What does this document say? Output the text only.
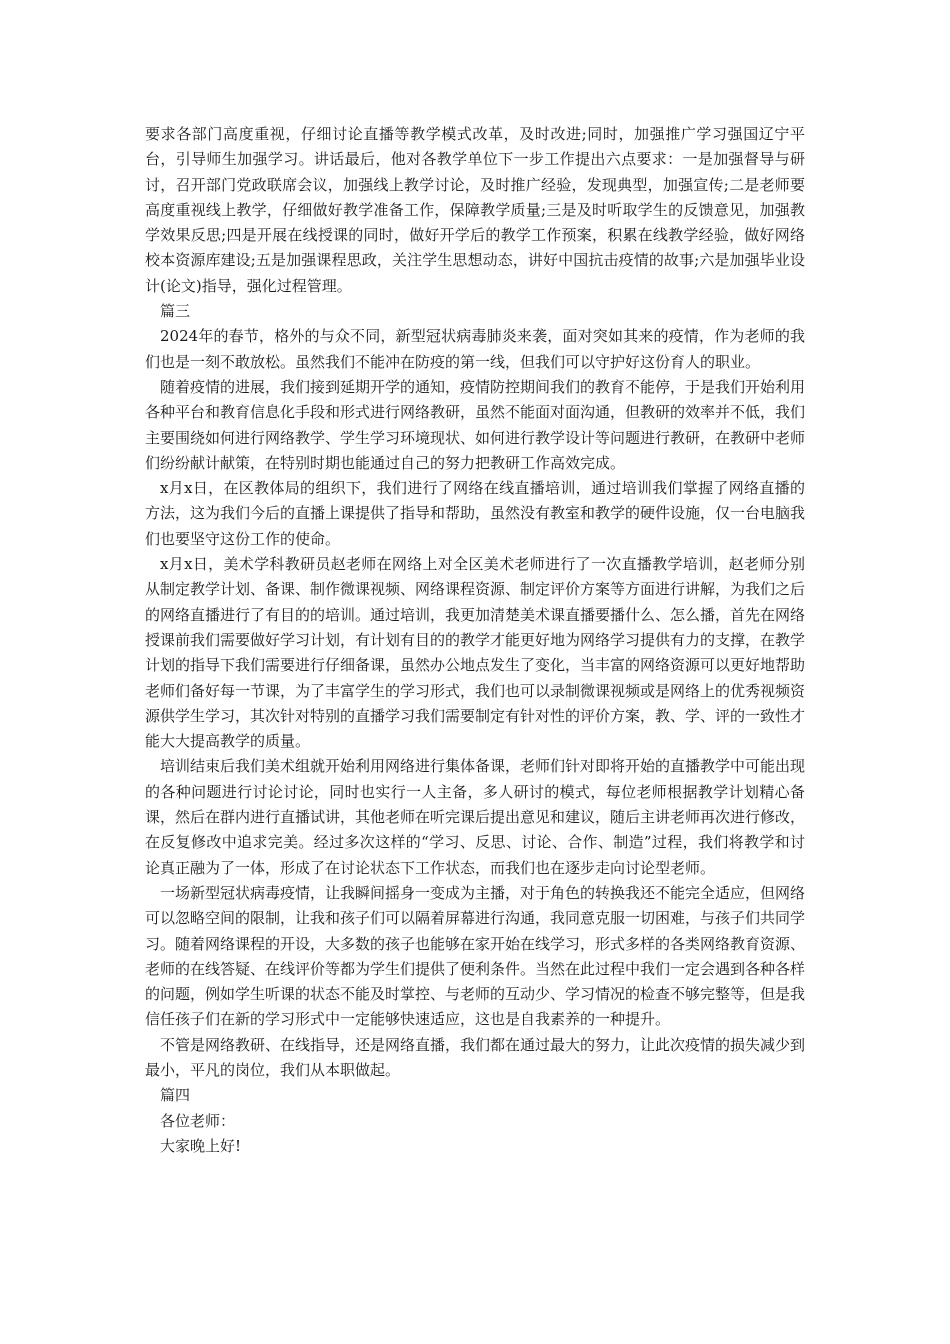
要求各部门高度重视，仔细讨论直播等教学模式改革，及时改进;同时，加强推广学习强国辽宁平台，引导师生加强学习。讲话最后，他对各教学单位下一步工作提出六点要求：一是加强督导与研讨，召开部门党政联席会议，加强线上教学讨论，及时推广经验，发现典型，加强宣传;二是老师要高度重视线上教学，仔细做好教学准备工作，保障教学质量;三是及时听取学生的反馈意见，加强教学效果反思;四是开展在线授课的同时，做好开学后的教学工作预案，积累在线教学经验，做好网络校本资源库建设;五是加强课程思政，关注学生思想动态，讲好中国抗击疫情的故事;六是加强毕业设计(论文)指导，强化过程管理。

篇三

2024年的春节，格外的与众不同，新型冠状病毒肺炎来袭，面对突如其来的疫情，作为老师的我们也是一刻不敢放松。虽然我们不能冲在防疫的第一线，但我们可以守护好这份育人的职业。

随着疫情的进展，我们接到延期开学的通知，疫情防控期间我们的教育不能停，于是我们开始利用各种平台和教育信息化手段和形式进行网络教研，虽然不能面对面沟通，但教研的效率并不低，我们主要围绕如何进行网络教学、学生学习环境现状、如何进行教学设计等问题进行教研，在教研中老师们纷纷献计献策，在特别时期也能通过自己的努力把教研工作高效完成。

x月x日，在区教体局的组织下，我们进行了网络在线直播培训，通过培训我们掌握了网络直播的方法，这为我们今后的直播上课提供了指导和帮助，虽然没有教室和教学的硬件设施，仅一台电脑我们也要坚守这份工作的使命。

x月x日，美术学科教研员赵老师在网络上对全区美术老师进行了一次直播教学培训，赵老师分别从制定教学计划、备课、制作微课视频、网络课程资源、制定评价方案等方面进行讲解，为我们之后的网络直播进行了有目的的培训。通过培训，我更加清楚美术课直播要播什么、怎么播，首先在网络授课前我们需要做好学习计划，有计划有目的的教学才能更好地为网络学习提供有力的支撑，在教学计划的指导下我们需要进行仔细备课，虽然办公地点发生了变化，当丰富的网络资源可以更好地帮助老师们备好每一节课，为了丰富学生的学习形式，我们也可以录制微课视频或是网络上的优秀视频资源供学生学习，其次针对特别的直播学习我们需要制定有针对性的评价方案，教、学、评的一致性才能大大提高教学的质量。

培训结束后我们美术组就开始利用网络进行集体备课，老师们针对即将开始的直播教学中可能出现的各种问题进行讨论讨论，同时也实行一人主备，多人研讨的模式，每位老师根据教学计划精心备课，然后在群内进行直播试讲，其他老师在听完课后提出意见和建议，随后主讲老师再次进行修改，在反复修改中追求完美。经过多次这样的“学习、反思、讨论、合作、制造”过程，我们将教学和讨论真正融为了一体，形成了在讨论状态下工作状态，而我们也在逐步走向讨论型老师。

一场新型冠状病毒疫情，让我瞬间摇身一变成为主播，对于角色的转换我还不能完全适应，但网络可以忽略空间的限制，让我和孩子们可以隔着屏幕进行沟通，我同意克服一切困难，与孩子们共同学习。随着网络课程的开设，大多数的孩子也能够在家开始在线学习，形式多样的各类网络教育资源、老师的在线答疑、在线评价等都为学生们提供了便利条件。当然在此过程中我们一定会遇到各种各样的问题，例如学生听课的状态不能及时掌控、与老师的互动少、学习情况的检查不够完整等，但是我信任孩子们在新的学习形式中一定能够快速适应，这也是自我素养的一种提升。

不管是网络教研、在线指导，还是网络直播，我们都在通过最大的努力，让此次疫情的损失减少到最小，平凡的岗位，我们从本职做起。

篇四

各位老师：

大家晚上好!
